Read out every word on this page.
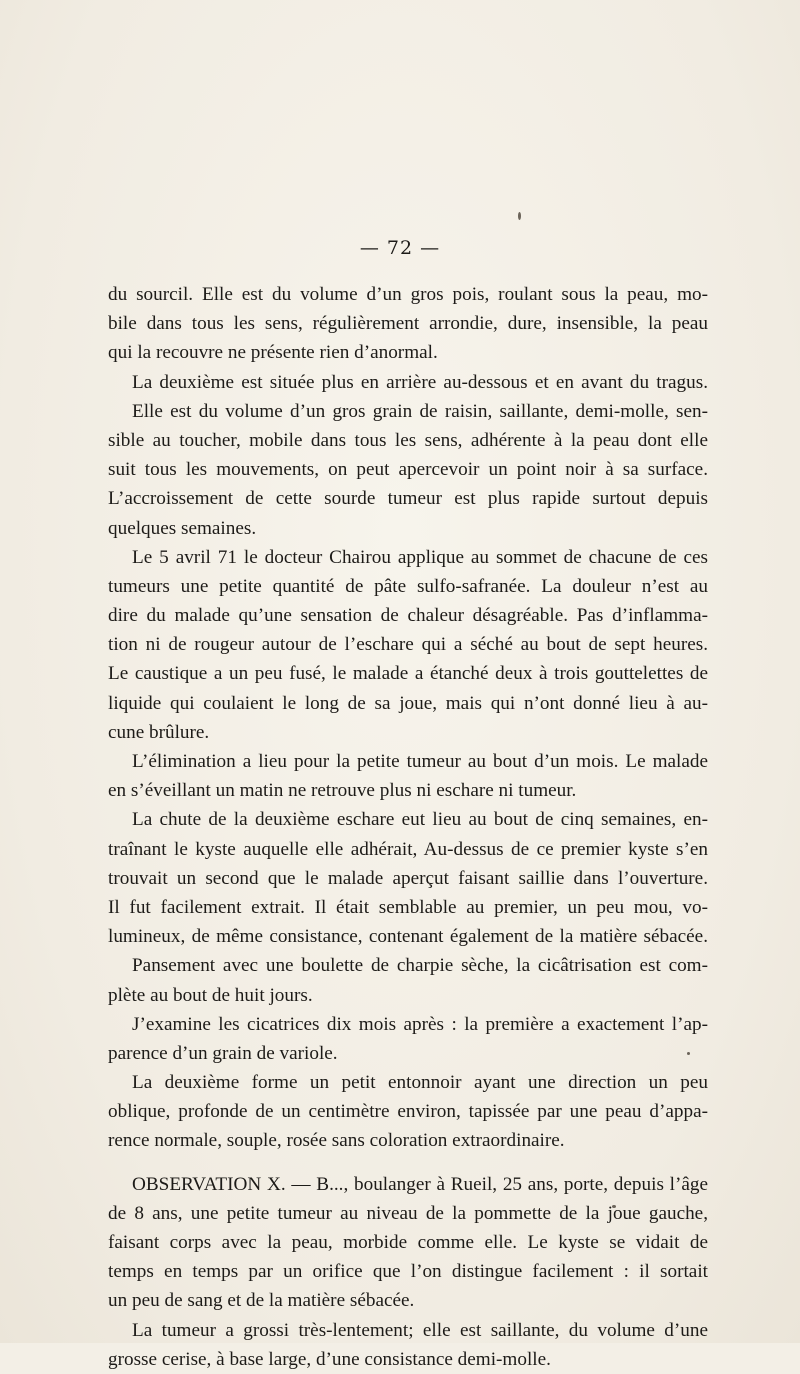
— 72 —
du sourcil. Elle est du volume d’un gros pois, roulant sous la peau, mo-
bile dans tous les sens, régulièrement arrondie, dure, insensible, la peau
qui la recouvre ne présente rien d’anormal.
La deuxième est située plus en arrière au-dessous et en avant du tragus.
Elle est du volume d’un gros grain de raisin, saillante, demi-molle, sen-
sible au toucher, mobile dans tous les sens, adhérente à la peau dont elle
suit tous les mouvements, on peut apercevoir un point noir à sa surface.
L’accroissement de cette sourde tumeur est plus rapide surtout depuis
quelques semaines.
Le 5 avril 71 le docteur Chairou applique au sommet de chacune de ces
tumeurs une petite quantité de pâte sulfo-safranée. La douleur n’est au
dire du malade qu’une sensation de chaleur désagréable. Pas d’inflamma-
tion ni de rougeur autour de l’eschare qui a séché au bout de sept heures.
Le caustique a un peu fusé, le malade a étanché deux à trois gouttelettes de
liquide qui coulaient le long de sa joue, mais qui n’ont donné lieu à au-
cune brûlure.
L’élimination a lieu pour la petite tumeur au bout d’un mois. Le malade
en s’éveillant un matin ne retrouve plus ni eschare ni tumeur.
La chute de la deuxième eschare eut lieu au bout de cinq semaines, en-
traînant le kyste auquelle elle adhérait, Au-dessus de ce premier kyste s’en
trouvait un second que le malade aperçut faisant saillie dans l’ouverture.
Il fut facilement extrait. Il était semblable au premier, un peu mou, vo-
lumineux, de même consistance, contenant également de la matière sébacée.
Pansement avec une boulette de charpie sèche, la cicâtrisation est com-
plète au bout de huit jours.
J’examine les cicatrices dix mois après : la première a exactement l’ap-
parence d’un grain de variole.
La deuxième forme un petit entonnoir ayant une direction un peu
oblique, profonde de un centimètre environ, tapissée par une peau d’appa-
rence normale, souple, rosée sans coloration extraordinaire.
OBSERVATION X. — B..., boulanger à Rueil, 25 ans, porte, depuis l’âge
de 8 ans, une petite tumeur au niveau de la pommette de la joue gauche,
faisant corps avec la peau, morbide comme elle. Le kyste se vidait de
temps en temps par un orifice que l’on distingue facilement : il sortait
un peu de sang et de la matière sébacée.
La tumeur a grossi très-lentement; elle est saillante, du volume d’une
grosse cerise, à base large, d’une consistance demi-molle.
